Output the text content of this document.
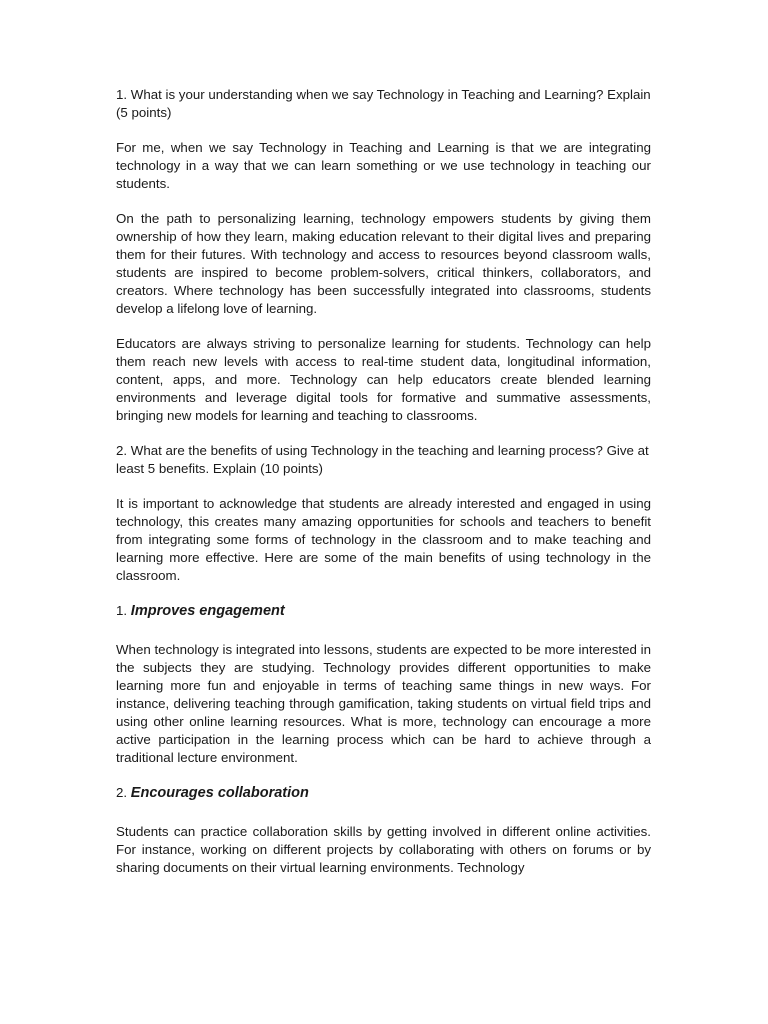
1. What is your understanding when we say Technology in Teaching and Learning? Explain (5 points)

For me, when we say Technology in Teaching and Learning is that we are integrating technology in a way that we can learn something or we use technology in teaching our students.

On the path to personalizing learning, technology empowers students by giving them ownership of how they learn, making education relevant to their digital lives and preparing them for their futures. With technology and access to resources beyond classroom walls, students are inspired to become problem-solvers, critical thinkers, collaborators, and creators. Where technology has been successfully integrated into classrooms, students develop a lifelong love of learning.

Educators are always striving to personalize learning for students. Technology can help them reach new levels with access to real-time student data, longitudinal information, content, apps, and more. Technology can help educators create blended learning environments and leverage digital tools for formative and summative assessments, bringing new models for learning and teaching to classrooms.

2. What are the benefits of using Technology in the teaching and learning process? Give at least 5 benefits. Explain (10 points)

It is important to acknowledge that students are already interested and engaged in using technology, this creates many amazing opportunities for schools and teachers to benefit from integrating some forms of technology in the classroom and to make teaching and learning more effective. Here are some of the main benefits of using technology in the classroom.

1. Improves engagement

When technology is integrated into lessons, students are expected to be more interested in the subjects they are studying. Technology provides different opportunities to make learning more fun and enjoyable in terms of teaching same things in new ways. For instance, delivering teaching through gamification, taking students on virtual field trips and using other online learning resources. What is more, technology can encourage a more active participation in the learning process which can be hard to achieve through a traditional lecture environment.

2. Encourages collaboration

Students can practice collaboration skills by getting involved in different online activities. For instance, working on different projects by collaborating with others on forums or by sharing documents on their virtual learning environments. Technology
